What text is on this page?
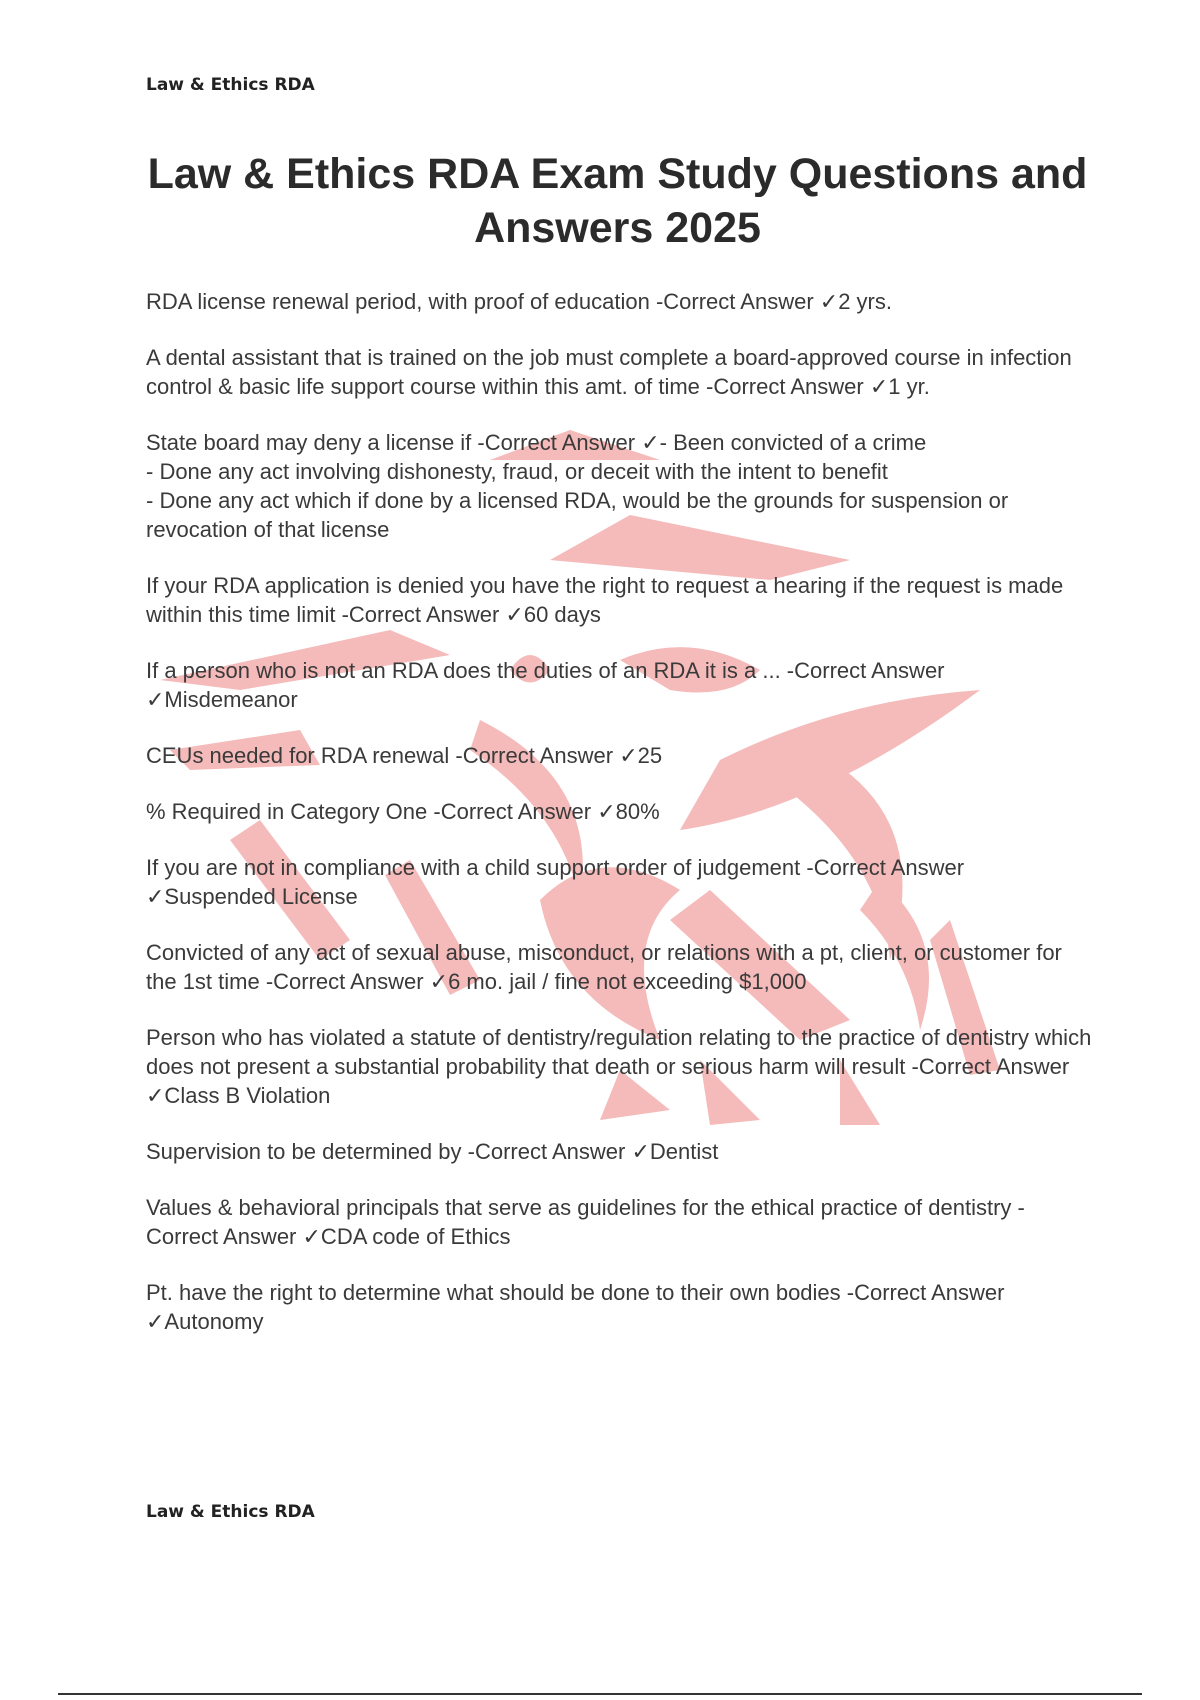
Law & Ethics RDA
Law & Ethics RDA Exam Study Questions and Answers 2025

RDA license renewal period, with proof of education -Correct Answer ✓2 yrs.

A dental assistant that is trained on the job must complete a board-approved course in infection control & basic life support course within this amt. of time -Correct Answer ✓1 yr.

State board may deny a license if -Correct Answer ✓- Been convicted of a crime
- Done any act involving dishonesty, fraud, or deceit with the intent to benefit
- Done any act which if done by a licensed RDA, would be the grounds for suspension or revocation of that license

If your RDA application is denied you have the right to request a hearing if the request is made within this time limit -Correct Answer ✓60 days

If a person who is not an RDA does the duties of an RDA it is a ... -Correct Answer ✓Misdemeanor

CEUs needed for RDA renewal -Correct Answer ✓25

% Required in Category One -Correct Answer ✓80%

If you are not in compliance with a child support order of judgement -Correct Answer ✓Suspended License

Convicted of any act of sexual abuse, misconduct, or relations with a pt, client, or customer for the 1st time -Correct Answer ✓6 mo. jail / fine not exceeding $1,000

Person who has violated a statute of dentistry/regulation relating to the practice of dentistry which does not present a substantial probability that death or serious harm will result -Correct Answer ✓Class B Violation

Supervision to be determined by -Correct Answer ✓Dentist

Values & behavioral principals that serve as guidelines for the ethical practice of dentistry -Correct Answer ✓CDA code of Ethics

Pt. have the right to determine what should be done to their own bodies -Correct Answer ✓Autonomy

Law & Ethics RDA
